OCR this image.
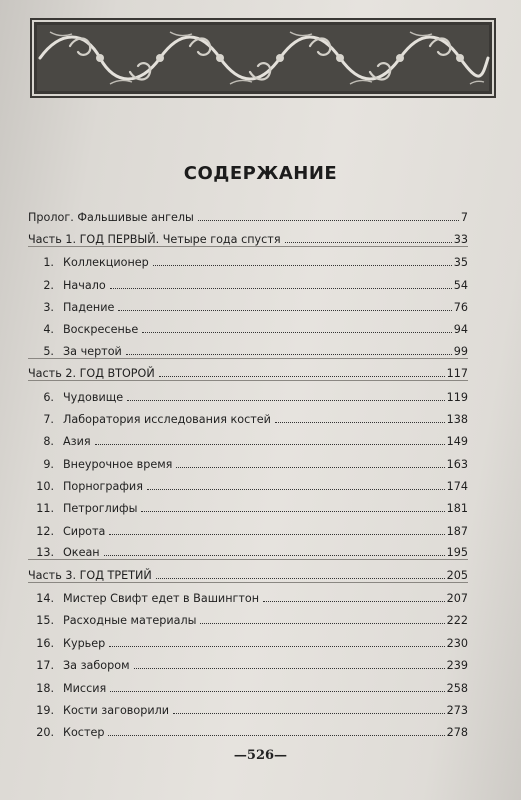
СОДЕРЖАНИЕ
Пролог. Фальшивые ангелы	7
Часть 1. ГОД ПЕРВЫЙ. Четыре года спустя	33
1. Коллекционер	35
2. Начало	54
3. Падение	76
4. Воскресенье	94
5. За чертой	99
Часть 2. ГОД ВТОРОЙ	117
6. Чудовище	119
7. Лаборатория исследования костей	138
8. Азия	149
9. Внеурочное время	163
10. Порнография	174
11. Петроглифы	181
12. Сирота	187
13. Океан	195
Часть 3. ГОД ТРЕТИЙ	205
14. Мистер Свифт едет в Вашингтон	207
15. Расходные материалы	222
16. Курьер	230
17. За забором	239
18. Миссия	258
19. Кости заговорили	273
20. Костер	278

—526—
